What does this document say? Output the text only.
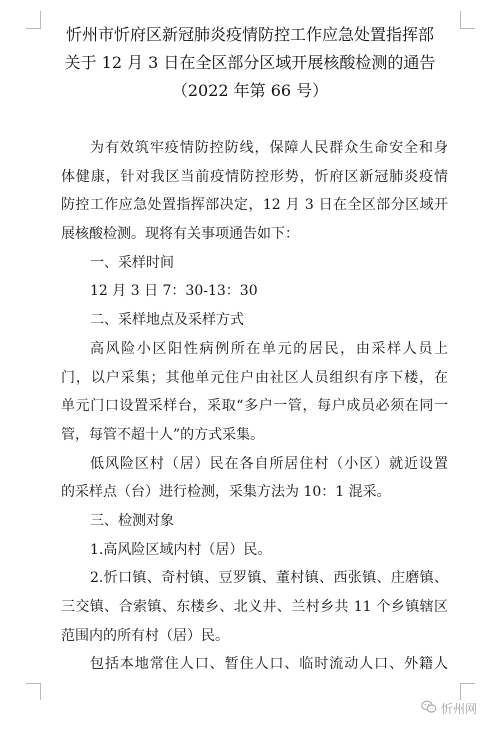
忻州市忻府区新冠肺炎疫情防控工作应急处置指挥部
关于 12 月 3 日在全区部分区域开展核酸检测的通告
（2022 年第 66 号）
为有效筑牢疫情防控防线，保障人民群众生命安全和身
体健康，针对我区当前疫情防控形势，忻府区新冠肺炎疫情
防控工作应急处置指挥部决定，12 月 3 日在全区部分区域开
展核酸检测。现将有关事项通告如下：
一、采样时间
12 月 3 日 7：30-13：30
二、采样地点及采样方式
高风险小区阳性病例所在单元的居民，由采样人员上
门，以户采集；其他单元住户由社区人员组织有序下楼，在
单元门口设置采样台，采取“多户一管，每户成员必须在同一
管，每管不超十人”的方式采集。
低风险区村（居）民在各自所居住村（小区）就近设置
的采样点（台）进行检测，采集方法为 10：1 混采。
三、检测对象
1.高风险区域内村（居）民。
2.忻口镇、奇村镇、豆罗镇、董村镇、西张镇、庄磨镇、
三交镇、合索镇、东楼乡、北义井、兰村乡共 11 个乡镇辖区
范围内的所有村（居）民。
包括本地常住人口、暂住人口、临时流动人口、外籍人
忻州网
